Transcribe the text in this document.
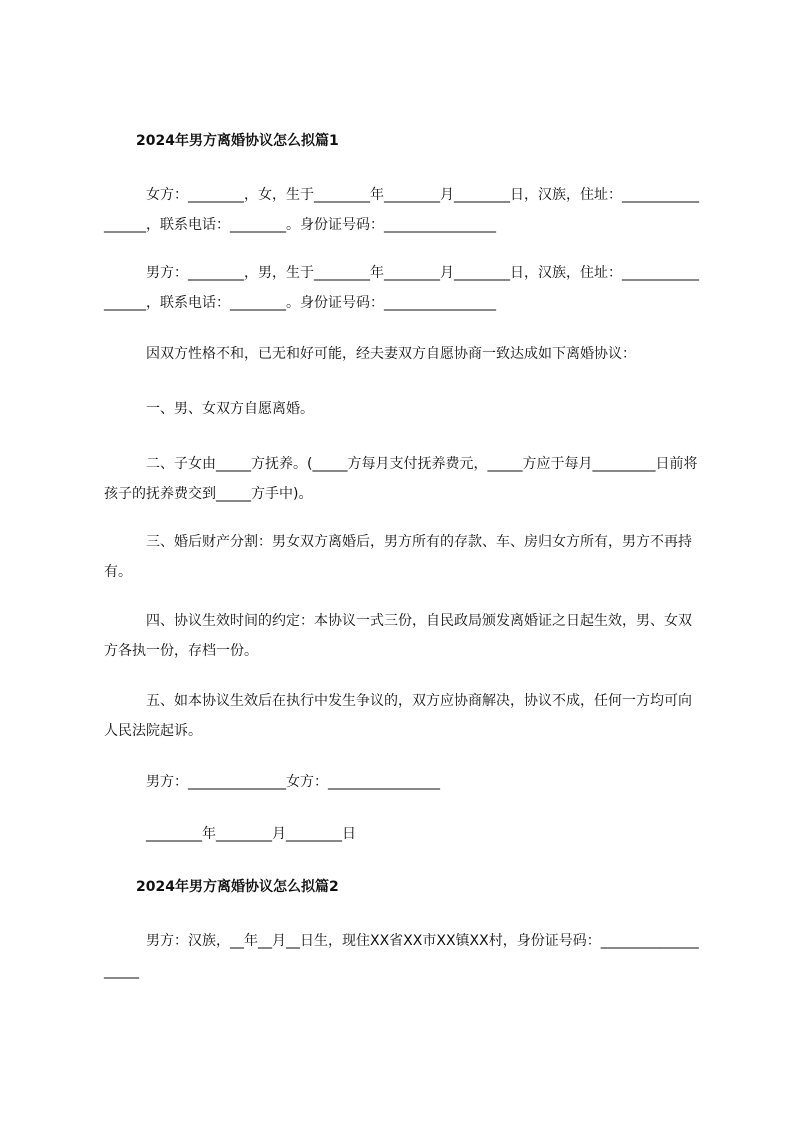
2024年男方离婚协议怎么拟篇1
女方：________，女，生于________年________月________日，汉族，住址：_________________，联系电话：________。身份证号码：________________
男方：________，男，生于________年________月________日，汉族，住址：_________________，联系电话：________。身份证号码：________________
因双方性格不和，已无和好可能，经夫妻双方自愿协商一致达成如下离婚协议：
一、男、女双方自愿离婚。
二、子女由_____方抚养。(_____方每月支付抚养费元，_____方应于每月_________日前将孩子的抚养费交到_____方手中)。
三、婚后财产分割：男女双方离婚后，男方所有的存款、车、房归女方所有，男方不再持有。
四、协议生效时间的约定：本协议一式三份，自民政局颁发离婚证之日起生效，男、女双方各执一份，存档一份。
五、如本协议生效后在执行中发生争议的，双方应协商解决，协议不成，任何一方均可向人民法院起诉。
男方：______________女方：________________
________年________月________日
2024年男方离婚协议怎么拟篇2
男方：汉族，__年__月__日生，现住XX省XX市XX镇XX村，身份证号码：___________________
